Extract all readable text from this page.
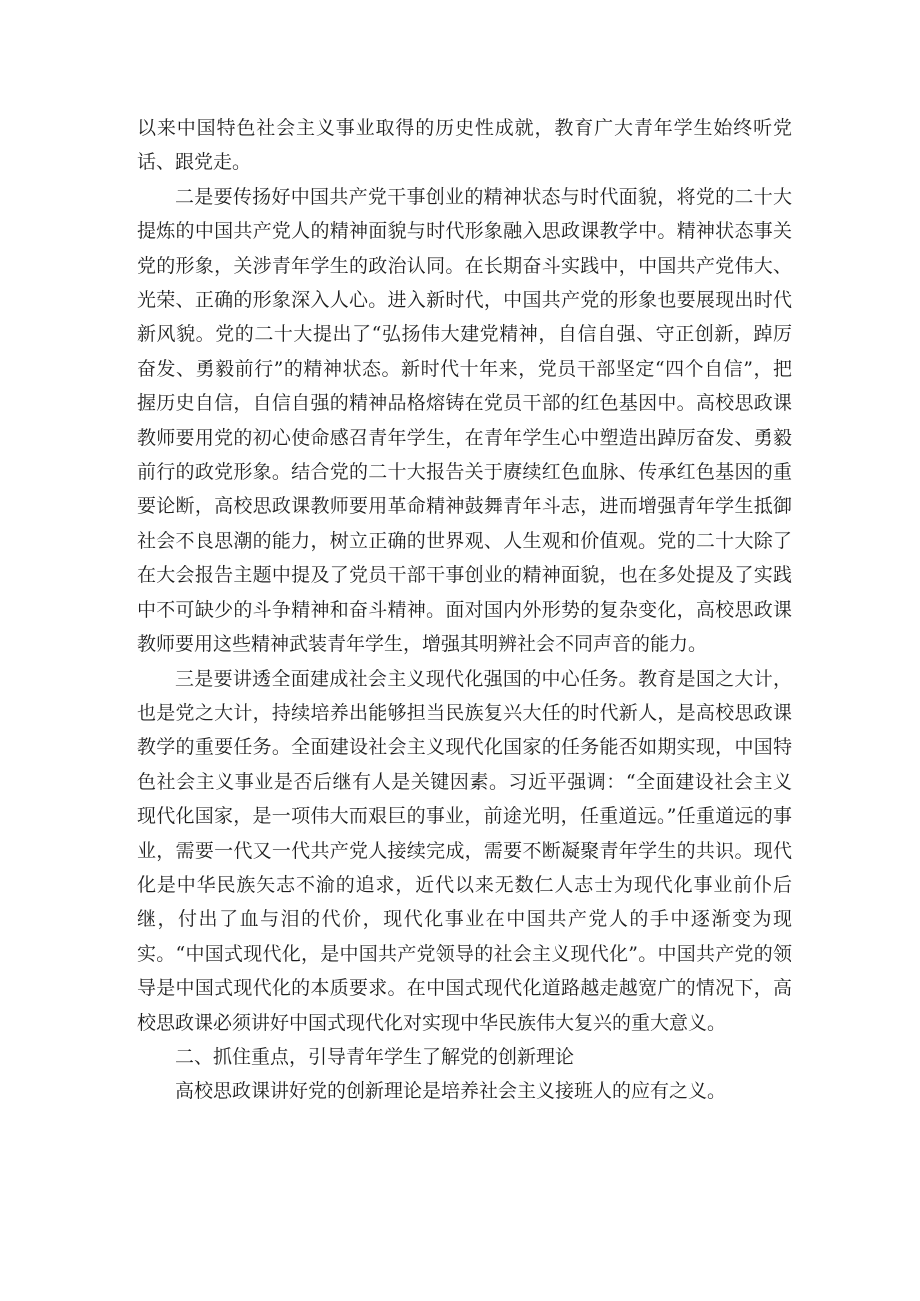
以来中国特色社会主义事业取得的历史性成就，教育广大青年学生始终听党话、跟党走。

二是要传扬好中国共产党干事创业的精神状态与时代面貌，将党的二十大提炼的中国共产党人的精神面貌与时代形象融入思政课教学中。精神状态事关党的形象，关涉青年学生的政治认同。在长期奋斗实践中，中国共产党伟大、光荣、正确的形象深入人心。进入新时代，中国共产党的形象也要展现出时代新风貌。党的二十大提出了“弘扬伟大建党精神，自信自强、守正创新，踔厉奋发、勇毅前行”的精神状态。新时代十年来，党员干部坚定“四个自信”，把握历史自信，自信自强的精神品格熔铸在党员干部的红色基因中。高校思政课教师要用党的初心使命感召青年学生，在青年学生心中塑造出踔厉奋发、勇毅前行的政党形象。结合党的二十大报告关于赓续红色血脉、传承红色基因的重要论断，高校思政课教师要用革命精神鼓舞青年斗志，进而增强青年学生抵御社会不良思潮的能力，树立正确的世界观、人生观和价值观。党的二十大除了在大会报告主题中提及了党员干部干事创业的精神面貌，也在多处提及了实践中不可缺少的斗争精神和奋斗精神。面对国内外形势的复杂变化，高校思政课教师要用这些精神武装青年学生，增强其明辨社会不同声音的能力。

三是要讲透全面建成社会主义现代化强国的中心任务。教育是国之大计，也是党之大计，持续培养出能够担当民族复兴大任的时代新人，是高校思政课教学的重要任务。全面建设社会主义现代化国家的任务能否如期实现，中国特色社会主义事业是否后继有人是关键因素。习近平强调：“全面建设社会主义现代化国家，是一项伟大而艰巨的事业，前途光明，任重道远。”任重道远的事业，需要一代又一代共产党人接续完成，需要不断凝聚青年学生的共识。现代化是中华民族矢志不渝的追求，近代以来无数仁人志士为现代化事业前仆后继，付出了血与泪的代价，现代化事业在中国共产党人的手中逐渐变为现实。“中国式现代化，是中国共产党领导的社会主义现代化”。中国共产党的领导是中国式现代化的本质要求。在中国式现代化道路越走越宽广的情况下，高校思政课必须讲好中国式现代化对实现中华民族伟大复兴的重大意义。

二、抓住重点，引导青年学生了解党的创新理论

高校思政课讲好党的创新理论是培养社会主义接班人的应有之义。
